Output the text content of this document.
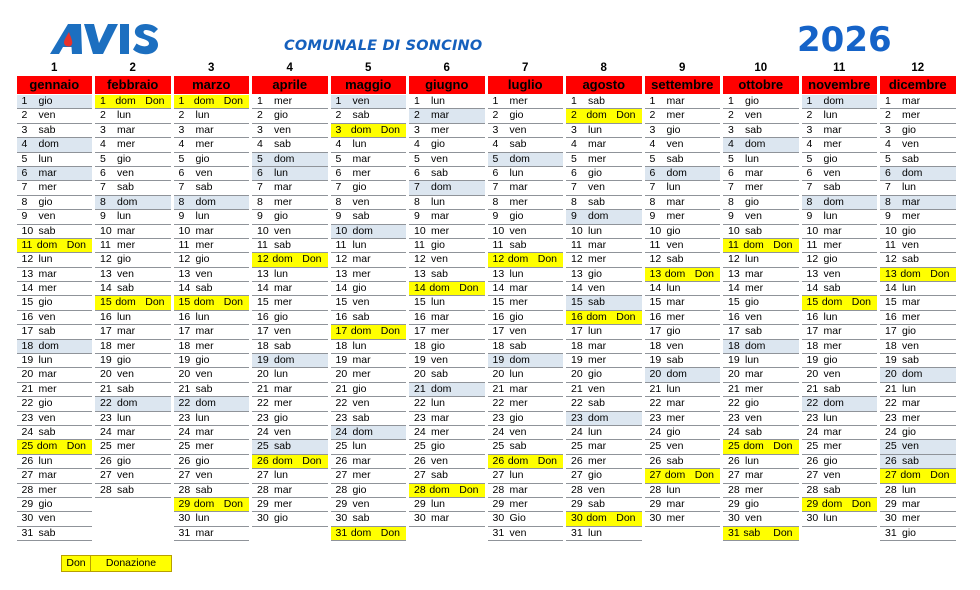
COMUNALE DI SONCINO	2026
1
gennaio
1	gio
2	ven
3	sab
4	dom
5	lun
6	mar
7	mer
8	gio
9	ven
10 sab
11 dom Don
12 lun
13 mar
14 mer
15 gio
16 ven
17 sab
18 dom
19 lun
20 mar
21 mer
22 gio
23 ven
24 sab
25 dom Don
26 lun
27 mar
28 mer
29 gio
30 ven
31 sab
2
febbraio
1 dom Don
2	lun
3	mar
4	mer
5	gio
6	ven
7	sab
8	dom
9	lun
10 mar
11 mer
12 gio
13 ven
14 sab
15 dom Don
16 lun
17 mar
18 mer
19 gio
20 ven
21 sab
22 dom
23 lun
24 mar
25 mer
26 gio
27 ven
28 sab
3
marzo
1 dom Don
2	lun
3	mar
4	mer
5	gio
6	ven
7	sab
8	dom
9	lun
10 mar
11 mer
12 gio
13 ven
14 sab
15 dom Don
16 lun
17 mar
18 mer
19 gio
20 ven
21 sab
22 dom
23 lun
24 mar
25 mer
26 gio
27 ven
28 sab
29 dom Don
30 lun
31 mar
4
aprile
1	mer
2	gio
3	ven
4	sab
5	dom
6	lun
7	mar
8	mer
9	gio
10 ven
11 sab
12 dom Don
13 lun
14 mar
15 mer
16 gio
17 ven
18 sab
19 dom
20 lun
21 mar
22 mer
23 gio
24 ven
25 sab
26 dom Don
27 lun
28 mar
29 mer
30 gio
5
maggio
1	ven
2	sab
3 dom Don
4	lun
5	mar
6	mer
7	gio
8	ven
9	sab
10 dom
11 lun
12 mar
13 mer
14 gio
15 ven
16 sab
17 dom Don
18 lun
19 mar
20 mer
21 gio
22 ven
23 sab
24 dom
25 lun
26 mar
27 mer
28 gio
29 ven
30 sab
31 dom Don
6
giugno
1	lun
2	mar
3	mer
4	gio
5	ven
6	sab
7	dom
8	lun
9	mar
10 mer
11 gio
12 ven
13 sab
14 dom Don
15 lun
16 mar
17 mer
18 gio
19 ven
20 sab
21 dom
22 lun
23 mar
24 mer
25 gio
26 ven
27 sab
28 dom Don
29 lun
30 mar
7
luglio
1	mer
2	gio
3	ven
4	sab
5	dom
6	lun
7	mar
8	mer
9	gio
10 ven
11 sab
12 dom Don
13 lun
14 mar
15 mer
16 gio
17 ven
18 sab
19 dom
20 lun
21 mar
22 mer
23 gio
24 ven
25 sab
26 dom Don
27 lun
28 mar
29 mer
30 Gio
31 ven
8
agosto
1	sab
2 dom Don
3	lun
4	mar
5	mer
6	gio
7	ven
8	sab
9	dom
10 lun
11 mar
12 mer
13 gio
14 ven
15 sab
16 dom Don
17 lun
18 mar
19 mer
20 gio
21 ven
22 sab
23 dom
24 lun
25 mar
26 mer
27 gio
28 ven
29 sab
30 dom Don
31 lun
9
settembre
1	mar
2	mer
3	gio
4	ven
5	sab
6	dom
7	lun
8	mar
9	mer
10 gio
11 ven
12 sab
13 dom Don
14 lun
15 mar
16 mer
17 gio
18 ven
19 sab
20 dom
21 lun
22 mar
23 mer
24 gio
25 ven
26 sab
27 dom Don
28 lun
29 mar
30 mer
10
ottobre
1	gio
2	ven
3	sab
4	dom
5	lun
6	mar
7	mer
8	gio
9	ven
10 sab
11 dom Don
12 lun
13 mar
14 mer
15 gio
16 ven
17 sab
18 dom
19 lun
20 mar
21 mer
22 gio
23 ven
24 sab
25 dom Don
26 lun
27 mar
28 mer
29 gio
30 ven
31 sab	Don
11
novembre
1	dom
2	lun
3	mar
4	mer
5	gio
6	ven
7	sab
8	dom
9	lun
10 mar
11 mer
12 gio
13 ven
14 sab
15 dom Don
16 lun
17 mar
18 mer
19 gio
20 ven
21 sab
22 dom
23 lun
24 mar
25 mer
26 gio
27 ven
28 sab
29 dom Don
30 lun
12
dicembre
1	mar
2	mer
3	gio
4	ven
5	sab
6	dom
7	lun
8	mar
9	mer
10 gio
11 ven
12 sab
13 dom Don
14 lun
15 mar
16 mer
17 gio
18 ven
19 sab
20 dom
21 lun
22 mar
23 mer
24 gio
25 ven
26 sab
27 dom Don
28 lun
29 mar
30 mer
31 gio
Don	Donazione
